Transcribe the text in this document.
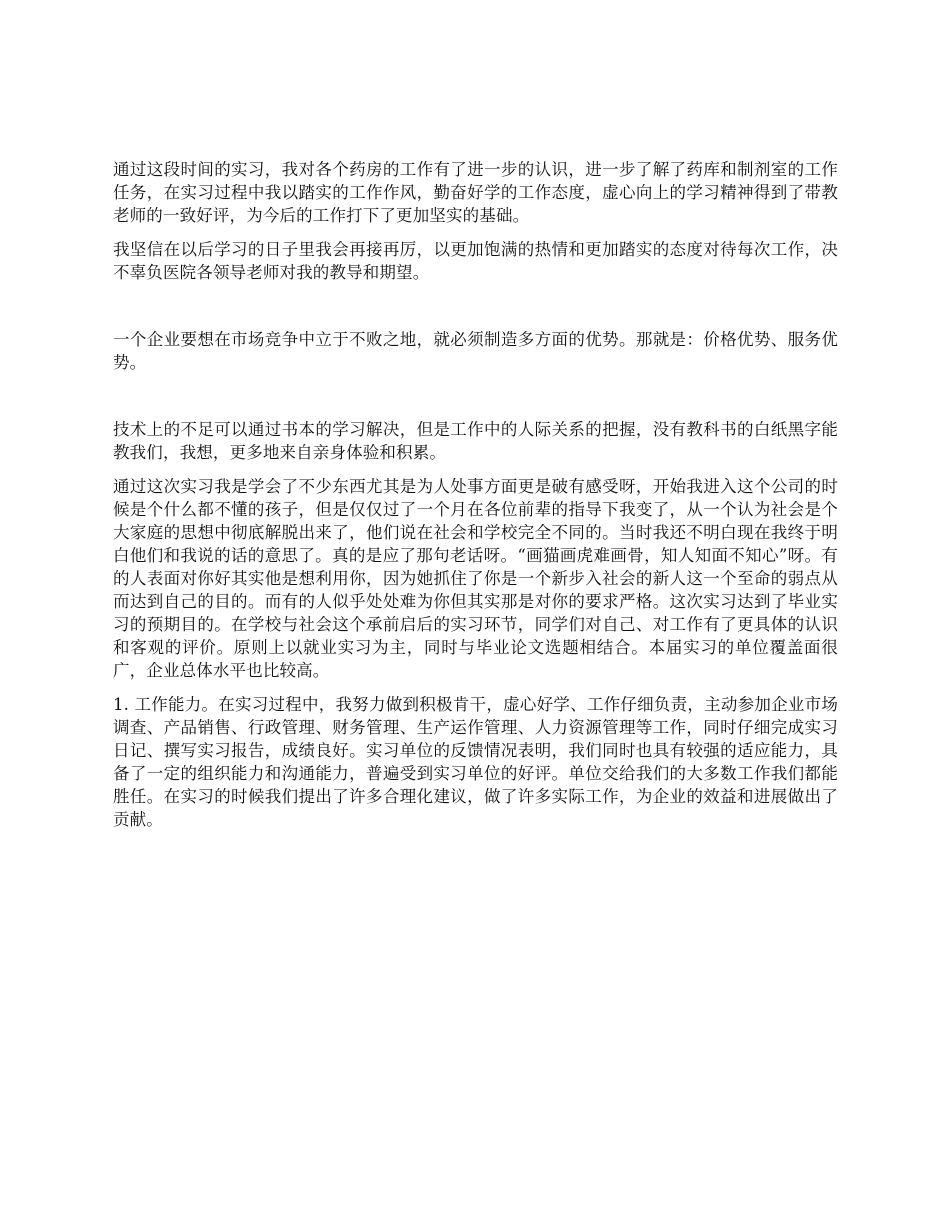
通过这段时间的实习，我对各个药房的工作有了进一步的认识，进一步了解了药库和制剂室的工作任务，在实习过程中我以踏实的工作作风，勤奋好学的工作态度，虚心向上的学习精神得到了带教老师的一致好评，为今后的工作打下了更加坚实的基础。

我坚信在以后学习的日子里我会再接再厉，以更加饱满的热情和更加踏实的态度对待每次工作，决不辜负医院各领导老师对我的教导和期望。

一个企业要想在市场竞争中立于不败之地，就必须制造多方面的优势。那就是：价格优势、服务优势。

技术上的不足可以通过书本的学习解决，但是工作中的人际关系的把握，没有教科书的白纸黑字能教我们，我想，更多地来自亲身体验和积累。

通过这次实习我是学会了不少东西尤其是为人处事方面更是破有感受呀，开始我进入这个公司的时候是个什么都不懂的孩子，但是仅仅过了一个月在各位前辈的指导下我变了，从一个认为社会是个大家庭的思想中彻底解脱出来了，他们说在社会和学校完全不同的。当时我还不明白现在我终于明白他们和我说的话的意思了。真的是应了那句老话呀。“画猫画虎难画骨，知人知面不知心”呀。有的人表面对你好其实他是想利用你，因为她抓住了你是一个新步入社会的新人这一个至命的弱点从而达到自己的目的。而有的人似乎处处难为你但其实那是对你的要求严格。这次实习达到了毕业实习的预期目的。在学校与社会这个承前启后的实习环节，同学们对自己、对工作有了更具体的认识和客观的评价。原则上以就业实习为主，同时与毕业论文选题相结合。本届实习的单位覆盖面很广，企业总体水平也比较高。

1. 工作能力。在实习过程中，我努力做到积极肯干，虚心好学、工作仔细负责，主动参加企业市场调查、产品销售、行政管理、财务管理、生产运作管理、人力资源管理等工作，同时仔细完成实习日记、撰写实习报告，成绩良好。实习单位的反馈情况表明，我们同时也具有较强的适应能力，具备了一定的组织能力和沟通能力，普遍受到实习单位的好评。单位交给我们的大多数工作我们都能胜任。在实习的时候我们提出了许多合理化建议，做了许多实际工作，为企业的效益和进展做出了贡献。
